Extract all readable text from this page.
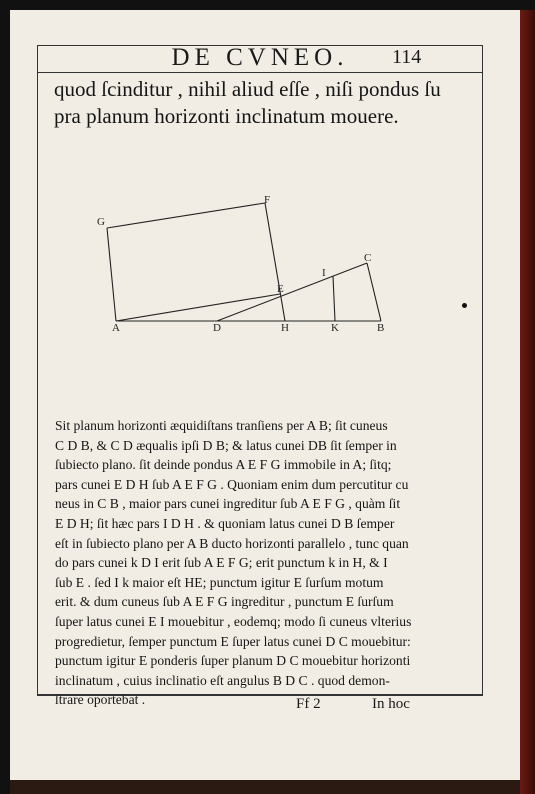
DE CVNEO.	114
quod ſcinditur , nihil aliud eſſe , niſi pondus ſu
pra planum horizonti inclinatum mouere.
G
F
C
I
E
A	D	H	K	B
Sit planum horizonti æquidiſtans tranſiens per A B; ſit cuneus
C D B, & C D æqualis ipſi D B; & latus cunei DB ſit ſemper in
ſubiecto plano. ſit deinde pondus A E F G immobile in A; ſitq;
pars cunei E D H ſub A E F G . Quoniam enim dum percutitur cu
neus in C B , maior pars cunei ingreditur ſub A E F G , quàm ſit
E D H; ſit hæc pars I D H . & quoniam latus cunei D B ſemper
eſt in ſubiecto plano per A B ducto horizonti parallelo , tunc quan
do pars cunei k D I erit ſub A E F G; erit punctum k in H, & I
ſub E . ſed I k maior eſt HE; punctum igitur E ſurſum motum
erit. & dum cuneus ſub A E F G ingreditur , punctum E ſurſum
ſuper latus cunei E I mouebitur , eodemq; modo ſi cuneus vlterius
progredietur, ſemper punctum E ſuper latus cunei D C mouebitur:
punctum igitur E ponderis ſuper planum D C mouebitur horizonti
inclinatum , cuius inclinatio eſt angulus B D C . quod demon-
ſtrare oportebat .	Ff 2	In hoc
